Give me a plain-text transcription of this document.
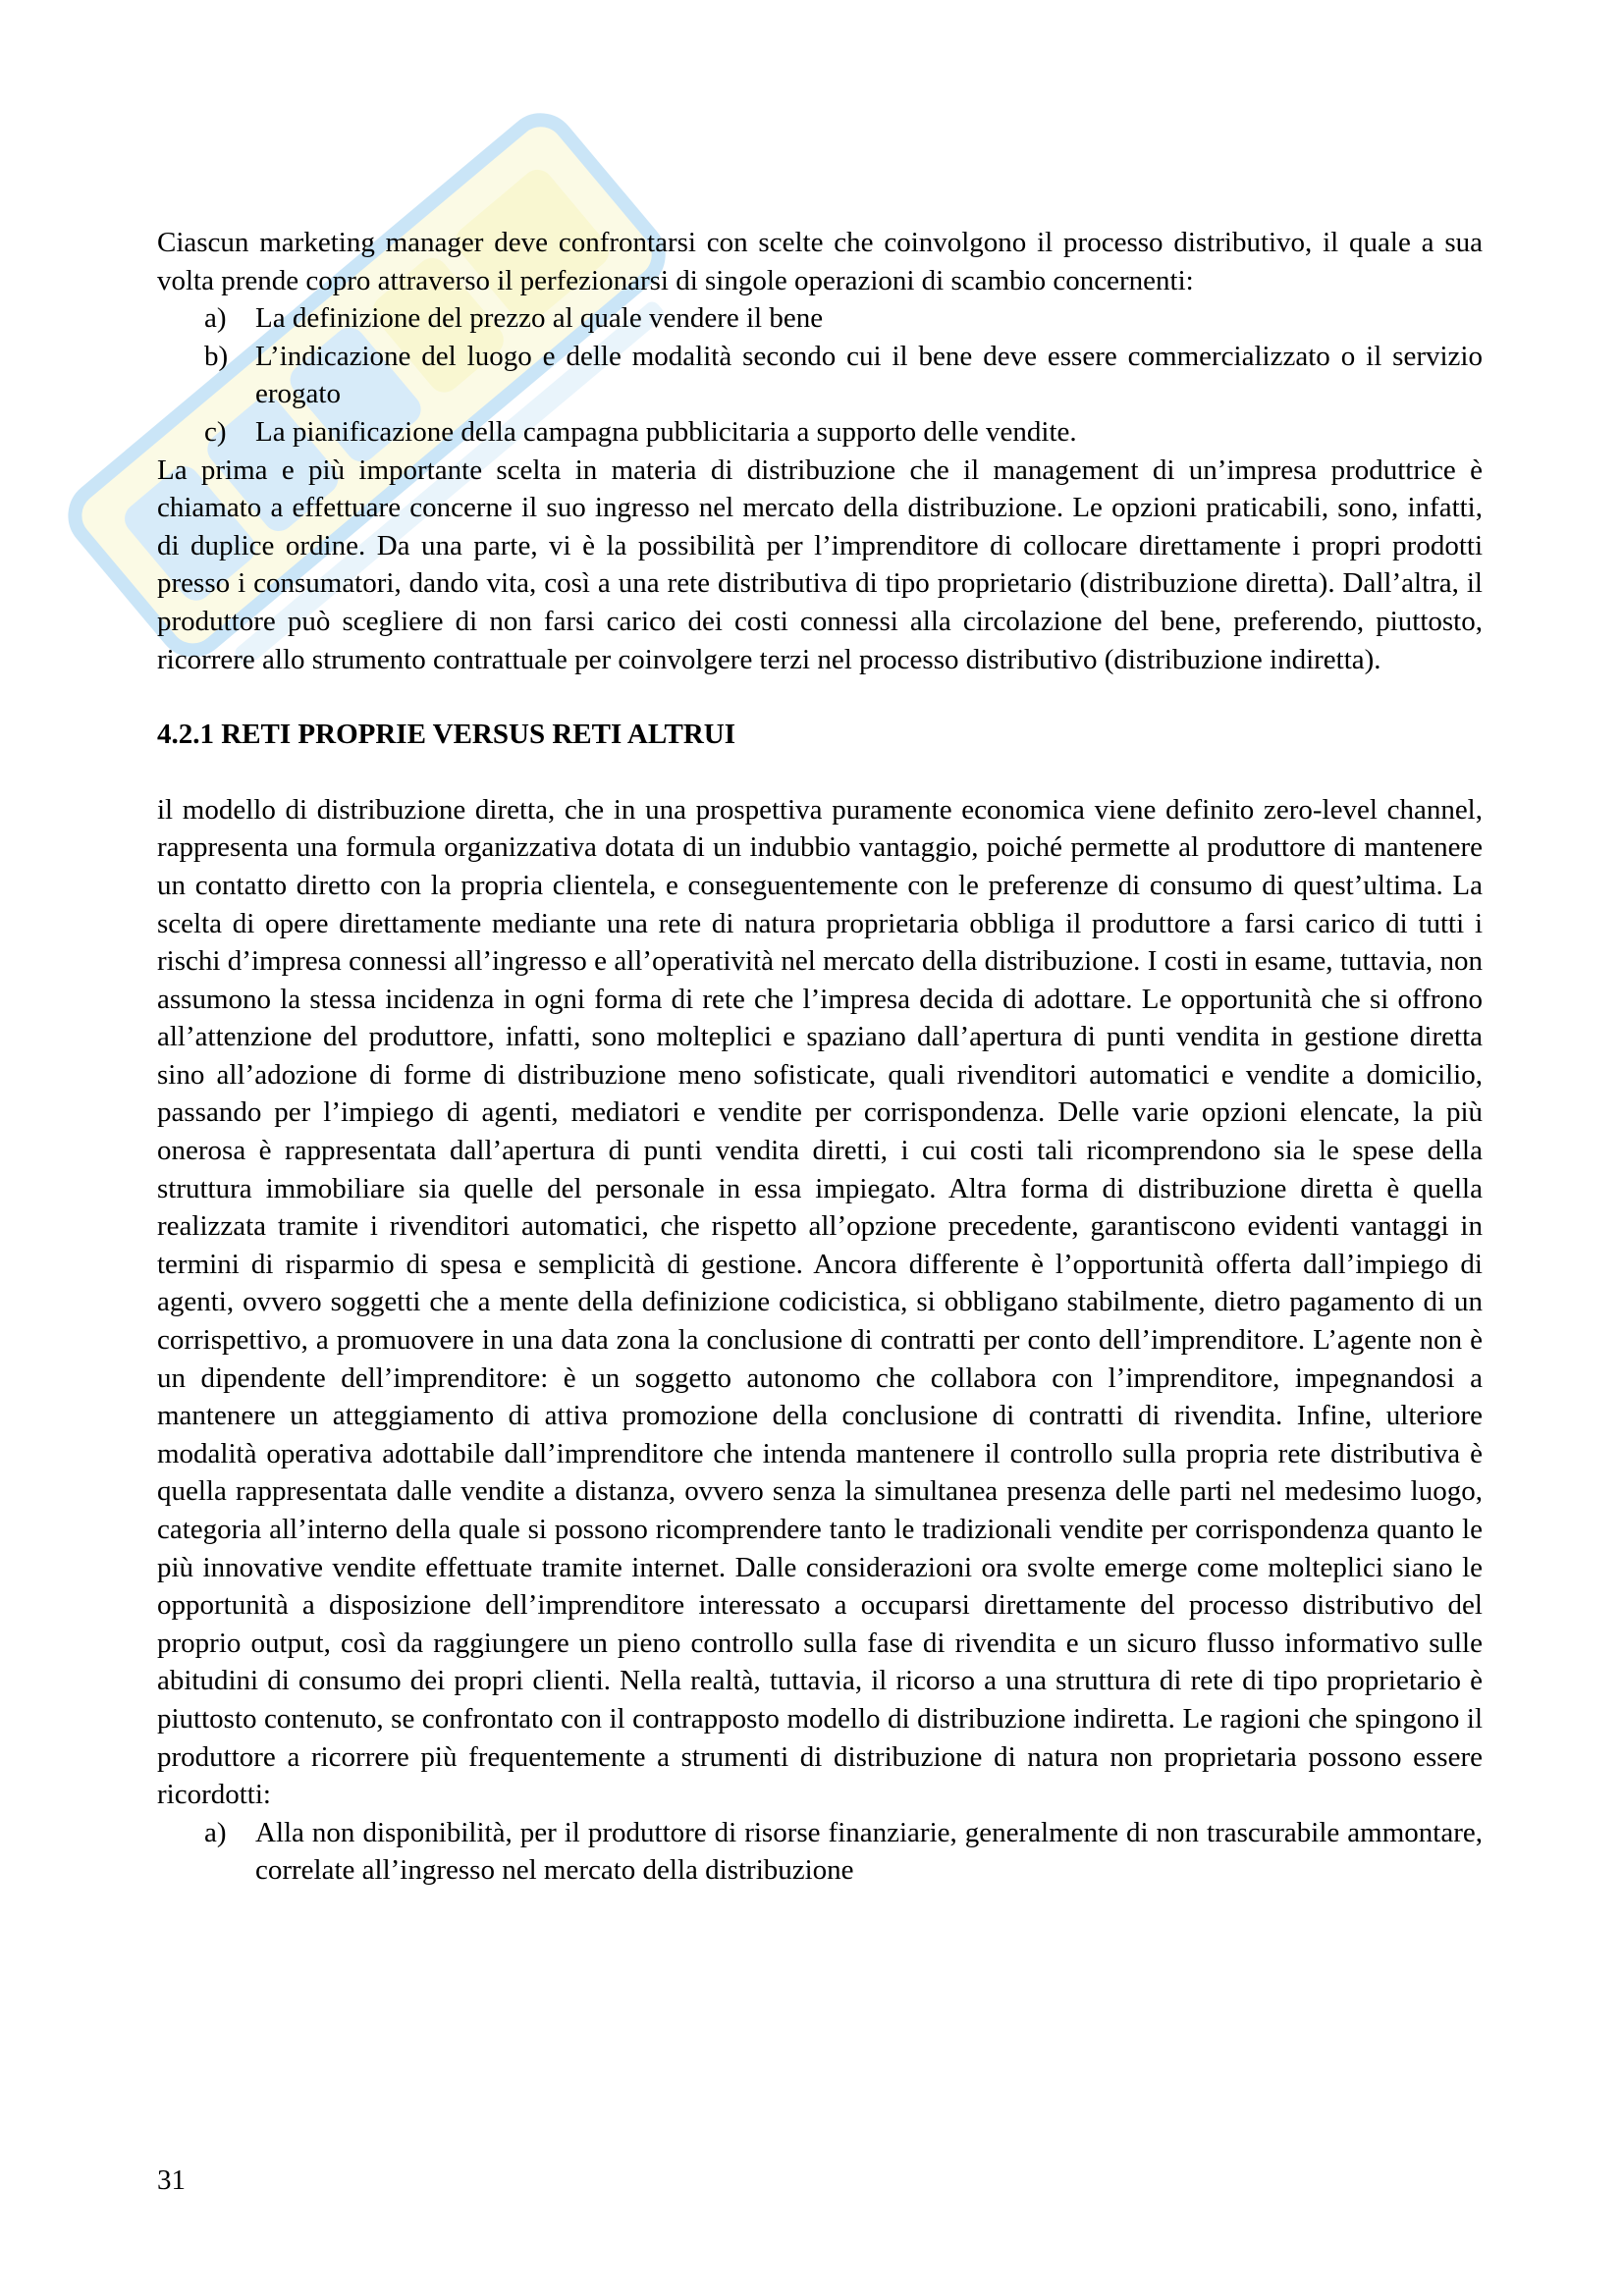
Ciascun marketing manager deve confrontarsi con scelte che coinvolgono il processo distributivo, il quale a sua volta prende copro attraverso il perfezionarsi di singole operazioni di scambio concernenti:

a) La definizione del prezzo al quale vendere il bene
b) L’indicazione del luogo e delle modalità secondo cui il bene deve essere commercializzato o il servizio erogato
c) La pianificazione della campagna pubblicitaria a supporto delle vendite.

La prima e più importante scelta in materia di distribuzione che il management di un’impresa produttrice è chiamato a effettuare concerne il suo ingresso nel mercato della distribuzione. Le opzioni praticabili, sono, infatti, di duplice ordine. Da una parte, vi è la possibilità per l’imprenditore di collocare direttamente i propri prodotti presso i consumatori, dando vita, così a una rete distributiva di tipo proprietario (distribuzione diretta). Dall’altra, il produttore può scegliere di non farsi carico dei costi connessi alla circolazione del bene, preferendo, piuttosto, ricorrere allo strumento contrattuale per coinvolgere terzi nel processo distributivo (distribuzione indiretta).

4.2.1 RETI PROPRIE VERSUS RETI ALTRUI

il modello di distribuzione diretta, che in una prospettiva puramente economica viene definito zero-level channel, rappresenta una formula organizzativa dotata di un indubbio vantaggio, poiché permette al produttore di mantenere un contatto diretto con la propria clientela, e conseguentemente con le preferenze di consumo di quest’ultima. La scelta di opere direttamente mediante una rete di natura proprietaria obbliga il produttore a farsi carico di tutti i rischi d’impresa connessi all’ingresso e all’operatività nel mercato della distribuzione. I costi in esame, tuttavia, non assumono la stessa incidenza in ogni forma di rete che l’impresa decida di adottare. Le opportunità che si offrono all’attenzione del produttore, infatti, sono molteplici e spaziano dall’apertura di punti vendita in gestione diretta sino all’adozione di forme di distribuzione meno sofisticate, quali rivenditori automatici e vendite a domicilio, passando per l’impiego di agenti, mediatori e vendite per corrispondenza. Delle varie opzioni elencate, la più onerosa è rappresentata dall’apertura di punti vendita diretti, i cui costi tali ricomprendono sia le spese della struttura immobiliare sia quelle del personale in essa impiegato. Altra forma di distribuzione diretta è quella realizzata tramite i rivenditori automatici, che rispetto all’opzione precedente, garantiscono evidenti vantaggi in termini di risparmio di spesa e semplicità di gestione. Ancora differente è l’opportunità offerta dall’impiego di agenti, ovvero soggetti che a mente della definizione codicistica, si obbligano stabilmente, dietro pagamento di un corrispettivo, a promuovere in una data zona la conclusione di contratti per conto dell’imprenditore. L’agente non è un dipendente dell’imprenditore: è un soggetto autonomo che collabora con l’imprenditore, impegnandosi a mantenere un atteggiamento di attiva promozione della conclusione di contratti di rivendita. Infine, ulteriore modalità operativa adottabile dall’imprenditore che intenda mantenere il controllo sulla propria rete distributiva è quella rappresentata dalle vendite a distanza, ovvero senza la simultanea presenza delle parti nel medesimo luogo, categoria all’interno della quale si possono ricomprendere tanto le tradizionali vendite per corrispondenza quanto le più innovative vendite effettuate tramite internet. Dalle considerazioni ora svolte emerge come molteplici siano le opportunità a disposizione dell’imprenditore interessato a occuparsi direttamente del processo distributivo del proprio output, così da raggiungere un pieno controllo sulla fase di rivendita e un sicuro flusso informativo sulle abitudini di consumo dei propri clienti. Nella realtà, tuttavia, il ricorso a una struttura di rete di tipo proprietario è piuttosto contenuto, se confrontato con il contrapposto modello di distribuzione indiretta. Le ragioni che spingono il produttore a ricorrere più frequentemente a strumenti di distribuzione di natura non proprietaria possono essere ricordotti:

a) Alla non disponibilità, per il produttore di risorse finanziarie, generalmente di non trascurabile ammontare, correlate all’ingresso nel mercato della distribuzione
31
